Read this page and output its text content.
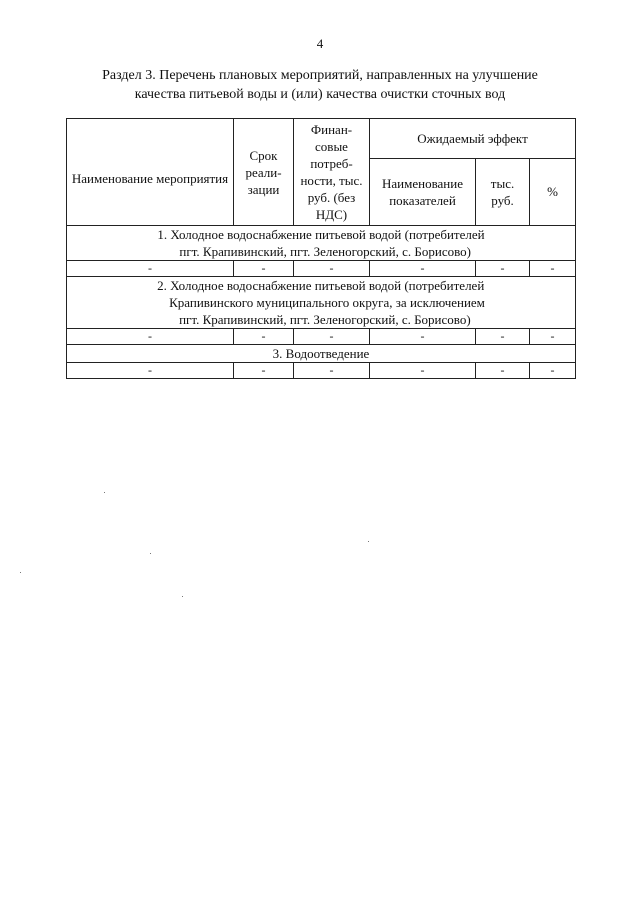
4
Раздел 3. Перечень плановых мероприятий, направленных на улучшение
качества питьевой воды и (или) качества очистки сточных вод
Наименование мероприятия	Срок реали-зации	Финан-совые потреб-ности, тыс. руб. (без НДС)	Ожидаемый эффект		
			Наименование показателей	тыс. руб.	%

1. Холодное водоснабжение питьевой водой (потребителей
пгт. Крапивинский, пгт. Зеленогорский, с. Борисово)					

-	-	-	-	-	-

2. Холодное водоснабжение питьевой водой (потребителей
Крапивинского муниципального округа, за исключением
пгт. Крапивинский, пгт. Зеленогорский, с. Борисово)					

-	-	-	-	-	-
3. Водоотведение					
-	-	-	-	-	-
